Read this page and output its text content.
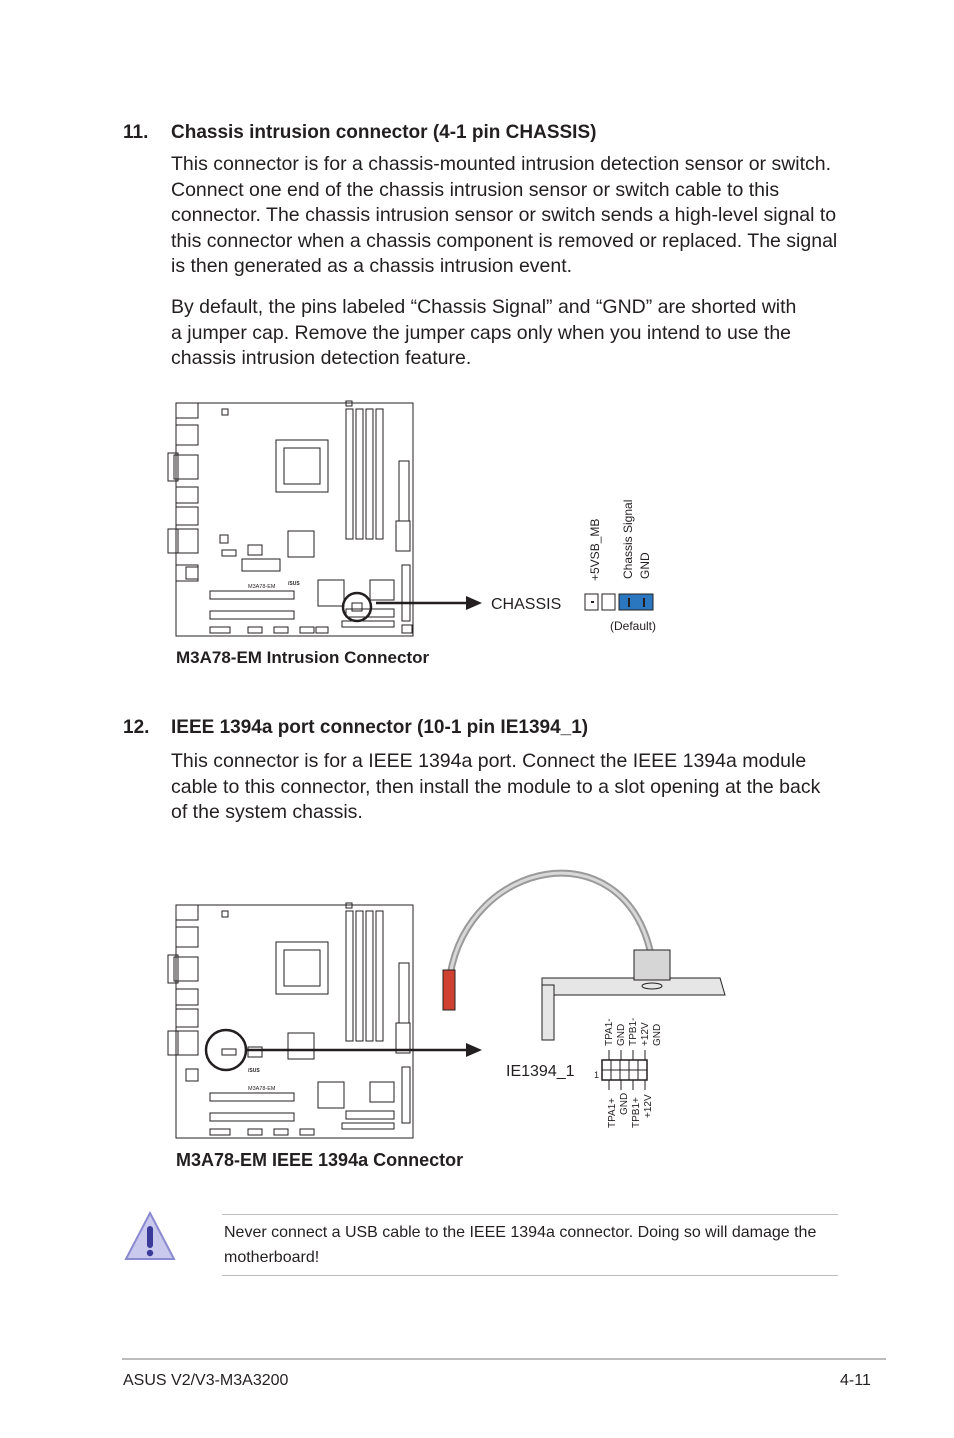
11. Chassis intrusion connector (4-1 pin CHASSIS)
This connector is for a chassis-mounted intrusion detection sensor or switch. Connect one end of the chassis intrusion sensor or switch cable to this connector. The chassis intrusion sensor or switch sends a high-level signal to this connector when a chassis component is removed or replaced. The signal is then generated as a chassis intrusion event.
By default, the pins labeled “Chassis Signal” and “GND” are shorted with a jumper cap. Remove the jumper caps only when you intend to use the chassis intrusion detection feature.
/SUS
M3A78-EM
CHASSIS
+5VSB_MB Chassis Signal GND
(Default)
M3A78-EM Intrusion Connector
12. IEEE 1394a port connector (10-1 pin IE1394_1)
This connector is for a IEEE 1394a port. Connect the IEEE 1394a module cable to this connector, then install the module to a slot opening at the back of the system chassis.
/SUS
M3A78-EM
IE1394_1 1
TPA1- GND TPB1- +12V GND
TPA1+ GND TPB1+ +12V
M3A78-EM IEEE 1394a Connector
Never connect a USB cable to the IEEE 1394a connector. Doing so will damage the motherboard!
ASUS V2/V3-M3A3200	4-11
